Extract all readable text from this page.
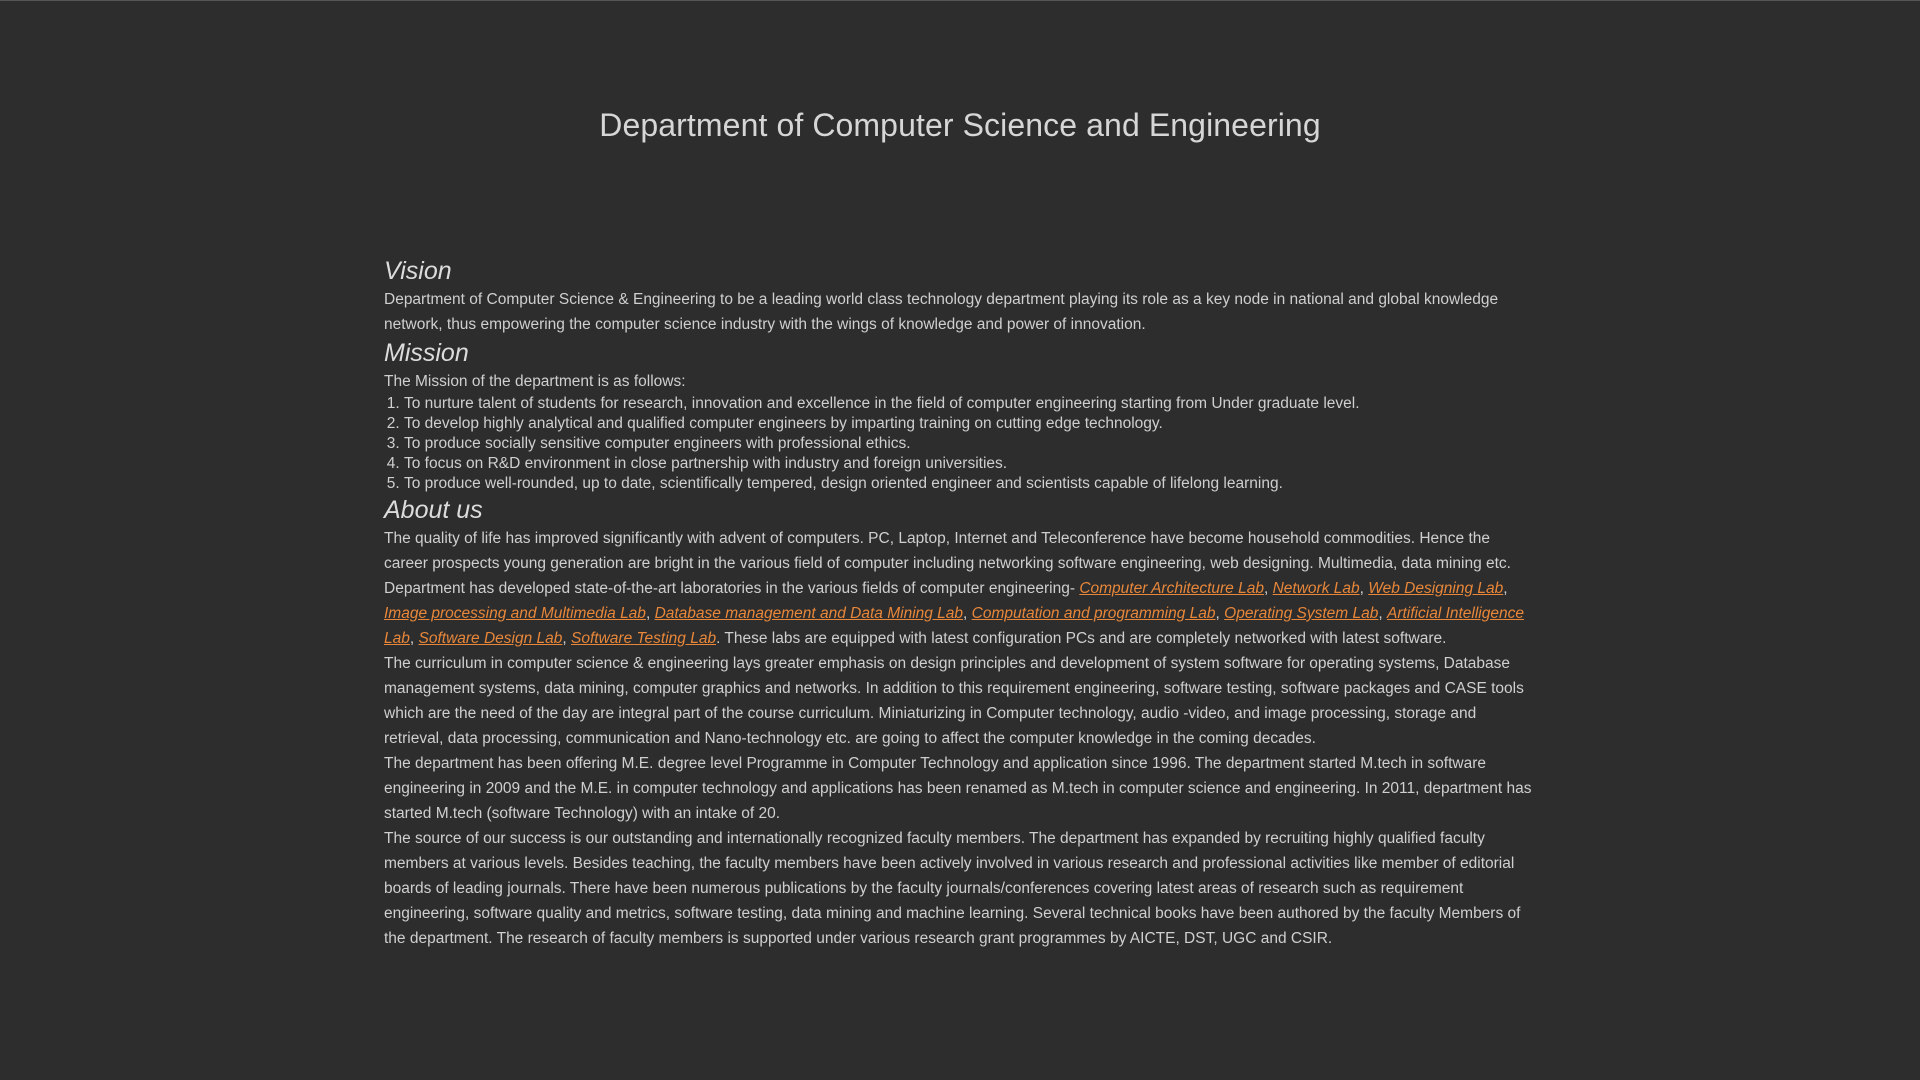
Department of Computer Science and Engineering
Vision

Department of Computer Science & Engineering to be a leading world class technology department playing its role as a key node in national and global knowledge network, thus empowering the computer science industry with the wings of knowledge and power of innovation.

Mission

The Mission of the department is as follows:

1. To nurture talent of students for research, innovation and excellence in the field of computer engineering starting from Under graduate level.
2. To develop highly analytical and qualified computer engineers by imparting training on cutting edge technology.
3. To produce socially sensitive computer engineers with professional ethics.
4. To focus on R&D environment in close partnership with industry and foreign universities.
5. To produce well-rounded, up to date, scientifically tempered, design oriented engineer and scientists capable of lifelong learning.
About us

The quality of life has improved significantly with advent of computers. PC, Laptop, Internet and Teleconference have become household commodities. Hence the career prospects young generation are bright in the various field of computer including networking software engineering, web designing. Multimedia, data mining etc. Department has developed state-of-the-art laboratories in the various fields of computer engineering- Computer Architecture Lab, Network Lab, Web Designing Lab, Image processing and Multimedia Lab, Database management and Data Mining Lab, Computation and programming Lab, Operating System Lab, Artificial Intelligence Lab, Software Design Lab, Software Testing Lab. These labs are equipped with latest configuration PCs and are completely networked with latest software.

The curriculum in computer science & engineering lays greater emphasis on design principles and development of system software for operating systems, Database management systems, data mining, computer graphics and networks. In addition to this requirement engineering, software testing, software packages and CASE tools which are the need of the day are integral part of the course curriculum. Miniaturizing in Computer technology, audio -video, and image processing, storage and retrieval, data processing, communication and Nano-technology etc. are going to affect the computer knowledge in the coming decades.

The department has been offering M.E. degree level Programme in Computer Technology and application since 1996. The department started M.tech in software engineering in 2009 and the M.E. in computer technology and applications has been renamed as M.tech in computer science and engineering. In 2011, department has started M.tech (software Technology) with an intake of 20.

The source of our success is our outstanding and internationally recognized faculty members. The department has expanded by recruiting highly qualified faculty members at various levels. Besides teaching, the faculty members have been actively involved in various research and professional activities like member of editorial boards of leading journals. There have been numerous publications by the faculty journals/conferences covering latest areas of research such as requirement engineering, software quality and metrics, software testing, data mining and machine learning. Several technical books have been authored by the faculty Members of the department. The research of faculty members is supported under various research grant programmes by AICTE, DST, UGC and CSIR.
